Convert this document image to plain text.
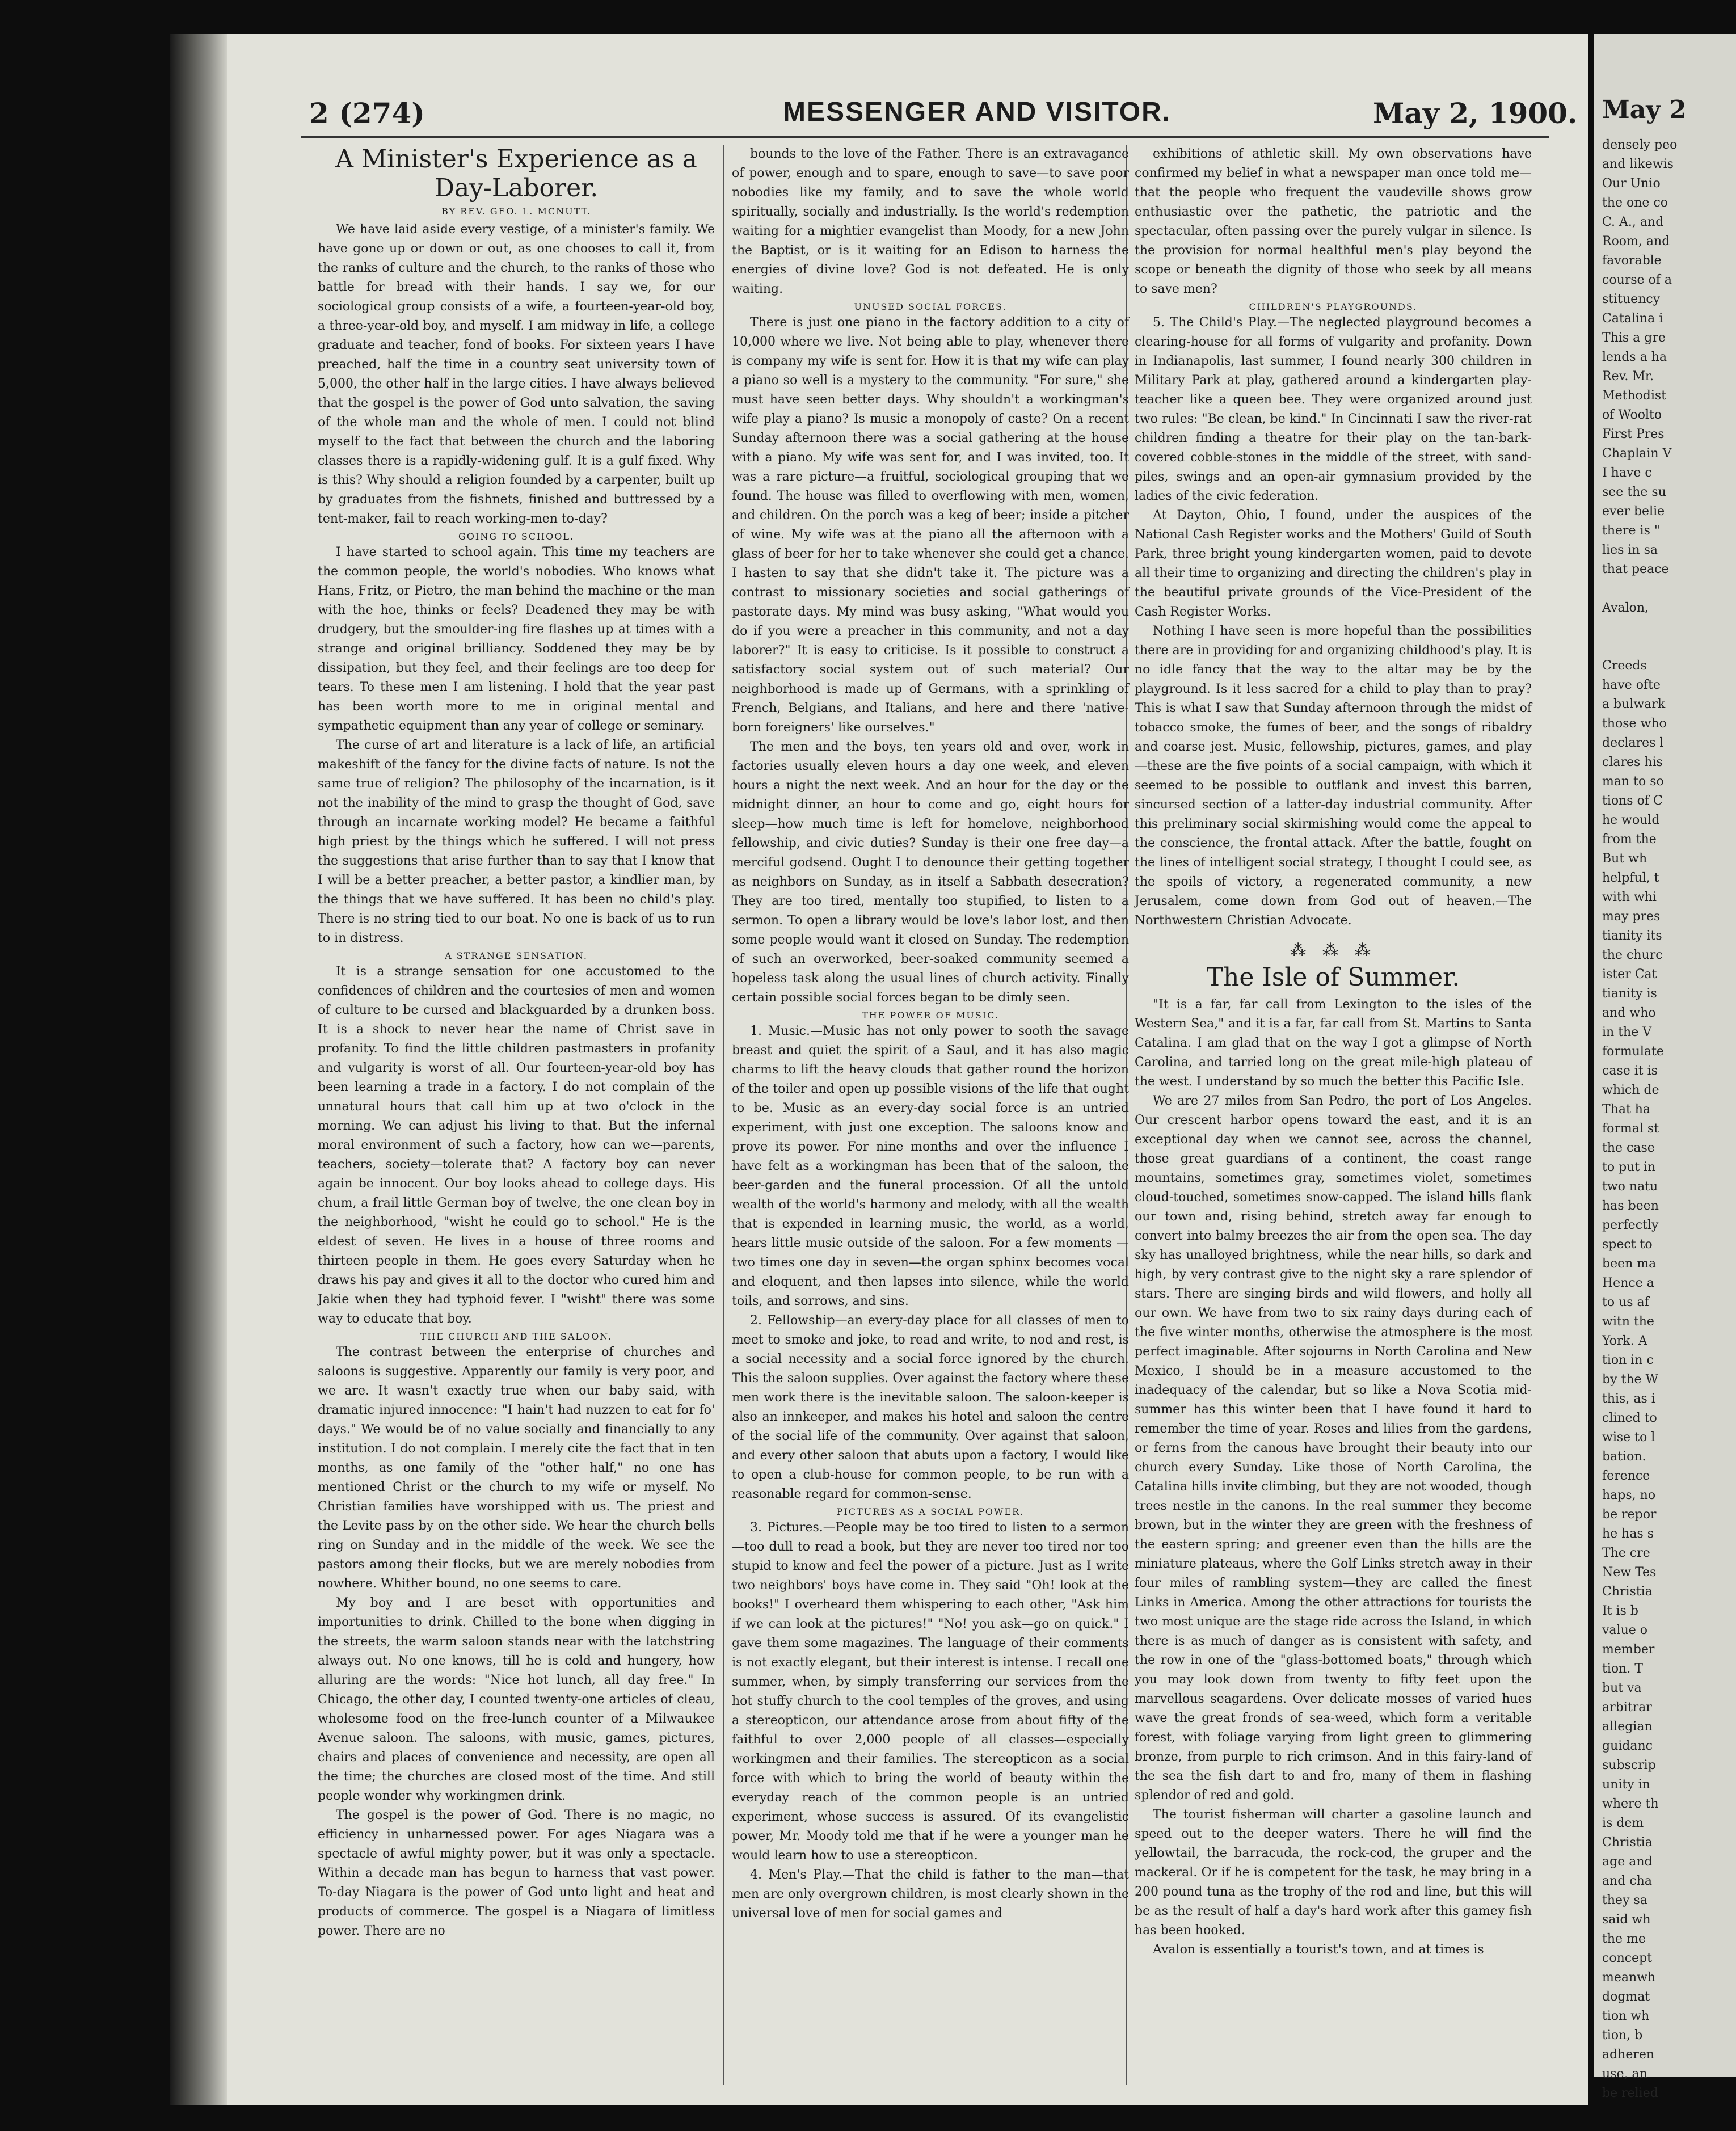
2 (274)	MESSENGER AND VISITOR.	May 2, 1900.
A Minister's Experience as a Day-Laborer.
BY REV. GEO. L. MCNUTT.

We have laid aside every vestige, of a minister's family. We have gone up or down or out, as one chooses to call it, from the ranks of culture and the church, to the ranks of those who battle for bread with their hands. I say we, for our sociological group consists of a wife, a fourteen-year-old boy, a three-year-old boy, and myself. I am midway in life, a college graduate and teacher, fond of books. For sixteen years I have preached, half the time in a country seat university town of 5,000, the other half in the large cities. I have always believed that the gospel is the power of God unto salvation, the saving of the whole man and the whole of men. I could not blind myself to the fact that between the church and the laboring classes there is a rapidly-widening gulf. It is a gulf fixed. Why is this? Why should a religion founded by a carpenter, built up by graduates from the fishnets, finished and buttressed by a tent-maker, fail to reach working-men to-day?

GOING TO SCHOOL.

I have started to school again. This time my teachers are the common people, the world's nobodies. Who knows what Hans, Fritz, or Pietro, the man behind the machine or the man with the hoe, thinks or feels? Deadened they may be with drudgery, but the smoulder-ing fire flashes up at times with a strange and original brilliancy. Soddened they may be by dissipation, but they feel, and their feelings are too deep for tears. To these men I am listening. I hold that the year past has been worth more to me in original mental and sympathetic equipment than any year of college or seminary.

The curse of art and literature is a lack of life, an artificial makeshift of the fancy for the divine facts of nature. Is not the same true of religion? The philosophy of the incarnation, is it not the inability of the mind to grasp the thought of God, save through an incarnate working model? He became a faithful high priest by the things which he suffered. I will not press the suggestions that arise further than to say that I know that I will be a better preacher, a better pastor, a kindlier man, by the things that we have suffered. It has been no child's play. There is no string tied to our boat. No one is back of us to run to in distress.

A STRANGE SENSATION.

It is a strange sensation for one accustomed to the confidences of children and the courtesies of men and women of culture to be cursed and blackguarded by a drunken boss. It is a shock to never hear the name of Christ save in profanity. To find the little children pastmasters in profanity and vulgarity is worst of all. Our fourteen-year-old boy has been learning a trade in a factory. I do not complain of the unnatural hours that call him up at two o'clock in the morning. We can adjust his living to that. But the infernal moral environment of such a factory, how can we—parents, teachers, society—tolerate that? A factory boy can never again be innocent. Our boy looks ahead to college days. His chum, a frail little German boy of twelve, the one clean boy in the neighborhood, "wisht he could go to school." He is the eldest of seven. He lives in a house of three rooms and thirteen people in them. He goes every Saturday when he draws his pay and gives it all to the doctor who cured him and Jakie when they had typhoid fever. I "wisht" there was some way to educate that boy.

THE CHURCH AND THE SALOON.

The contrast between the enterprise of churches and saloons is suggestive. Apparently our family is very poor, and we are. It wasn't exactly true when our baby said, with dramatic injured innocence: "I hain't had nuzzen to eat for fo' days." We would be of no value socially and financially to any institution. I do not complain. I merely cite the fact that in ten months, as one family of the "other half," no one has mentioned Christ or the church to my wife or myself. No Christian families have worshipped with us. The priest and the Levite pass by on the other side. We hear the church bells ring on Sunday and in the middle of the week. We see the pastors among their flocks, but we are merely nobodies from nowhere. Whither bound, no one seems to care.

My boy and I are beset with opportunities and importunities to drink. Chilled to the bone when digging in the streets, the warm saloon stands near with the latchstring always out. No one knows, till he is cold and hungery, how alluring are the words: "Nice hot lunch, all day free." In Chicago, the other day, I counted twenty-one articles of cleau, wholesome food on the free-lunch counter of a Milwaukee Avenue saloon. The saloons, with music, games, pictures, chairs and places of convenience and necessity, are open all the time; the churches are closed most of the time. And still people wonder why workingmen drink.

The gospel is the power of God. There is no magic, no efficiency in unharnessed power. For ages Niagara was a spectacle of awful mighty power, but it was only a spectacle. Within a decade man has begun to harness that vast power. To-day Niagara is the power of God unto light and heat and products of commerce. The gospel is a Niagara of limitless power. There are no

bounds to the love of the Father. There is an extravagance of power, enough and to spare, enough to save—to save poor nobodies like my family, and to save the whole world spiritually, socially and industrially. Is the world's redemption waiting for a mightier evangelist than Moody, for a new John the Baptist, or is it waiting for an Edison to harness the energies of divine love? God is not defeated. He is only waiting.

UNUSED SOCIAL FORCES.

There is just one piano in the factory addition to a city of 10,000 where we live. Not being able to play, whenever there is company my wife is sent for. How it is that my wife can play a piano so well is a mystery to the community. "For sure," she must have seen better days. Why shouldn't a workingman's wife play a piano? Is music a monopoly of caste? On a recent Sunday afternoon there was a social gathering at the house with a piano. My wife was sent for, and I was invited, too. It was a rare picture—a fruitful, sociological grouping that we found. The house was filled to overflowing with men, women, and children. On the porch was a keg of beer; inside a pitcher of wine. My wife was at the piano all the afternoon with a glass of beer for her to take whenever she could get a chance. I hasten to say that she didn't take it. The picture was a contrast to missionary societies and social gatherings of pastorate days. My mind was busy asking, "What would you do if you were a preacher in this community, and not a day laborer?" It is easy to criticise. Is it possible to construct a satisfactory social system out of such material? Our neighborhood is made up of Germans, with a sprinkling of French, Belgians, and Italians, and here and there 'native-born foreigners' like ourselves."

The men and the boys, ten years old and over, work in factories usually eleven hours a day one week, and eleven hours a night the next week. And an hour for the day or the midnight dinner, an hour to come and go, eight hours for sleep—how much time is left for homelove, neighborhood fellowship, and civic duties? Sunday is their one free day—a merciful godsend. Ought I to denounce their getting together as neighbors on Sunday, as in itself a Sabbath desecration? They are too tired, mentally too stupified, to listen to a sermon. To open a library would be love's labor lost, and then some people would want it closed on Sunday. The redemption of such an overworked, beer-soaked community seemed a hopeless task along the usual lines of church activity. Finally certain possible social forces began to be dimly seen.

THE POWER OF MUSIC.

1. Music.—Music has not only power to sooth the savage breast and quiet the spirit of a Saul, and it has also magic charms to lift the heavy clouds that gather round the horizon of the toiler and open up possible visions of the life that ought to be. Music as an every-day social force is an untried experiment, with just one exception. The saloons know and prove its power. For nine months and over the influence I have felt as a workingman has been that of the saloon, the beer-garden and the funeral procession. Of all the untold wealth of the world's harmony and melody, with all the wealth that is expended in learning music, the world, as a world, hears little music outside of the saloon. For a few moments —two times one day in seven—the organ sphinx becomes vocal and eloquent, and then lapses into silence, while the world toils, and sorrows, and sins.

2. Fellowship—an every-day place for all classes of men to meet to smoke and joke, to read and write, to nod and rest, is a social necessity and a social force ignored by the church. This the saloon supplies. Over against the factory where these men work there is the inevitable saloon. The saloon-keeper is also an innkeeper, and makes his hotel and saloon the centre of the social life of the community. Over against that saloon, and every other saloon that abuts upon a factory, I would like to open a club-house for common people, to be run with a reasonable regard for common-sense.

PICTURES AS A SOCIAL POWER.

3. Pictures.—People may be too tired to listen to a sermon—too dull to read a book, but they are never too tired nor too stupid to know and feel the power of a picture. Just as I write two neighbors' boys have come in. They said "Oh! look at the books!" I overheard them whispering to each other, "Ask him if we can look at the pictures!" "No! you ask—go on quick." I gave them some magazines. The language of their comments is not exactly elegant, but their interest is intense. I recall one summer, when, by simply transferring our services from the hot stuffy church to the cool temples of the groves, and using a stereopticon, our attendance arose from about fifty of the faithful to over 2,000 people of all classes—especially workingmen and their families. The stereopticon as a social force with which to bring the world of beauty within the everyday reach of the common people is an untried experiment, whose success is assured. Of its evangelistic power, Mr. Moody told me that if he were a younger man he would learn how to use a stereopticon.

4. Men's Play.—That the child is father to the man—that men are only overgrown children, is most clearly shown in the universal love of men for social games and

exhibitions of athletic skill. My own observations have confirmed my belief in what a newspaper man once told me—that the people who frequent the vaudeville shows grow enthusiastic over the pathetic, the patriotic and the spectacular, often passing over the purely vulgar in silence. Is the provision for normal healthful men's play beyond the scope or beneath the dignity of those who seek by all means to save men?

CHILDREN'S PLAYGROUNDS.

5. The Child's Play.—The neglected playground becomes a clearing-house for all forms of vulgarity and profanity. Down in Indianapolis, last summer, I found nearly 300 children in Military Park at play, gathered around a kindergarten play-teacher like a queen bee. They were organized around just two rules: "Be clean, be kind." In Cincinnati I saw the river-rat children finding a theatre for their play on the tan-bark-covered cobble-stones in the middle of the street, with sand-piles, swings and an open-air gymnasium provided by the ladies of the civic federation.

At Dayton, Ohio, I found, under the auspices of the National Cash Register works and the Mothers' Guild of South Park, three bright young kindergarten women, paid to devote all their time to organizing and directing the children's play in the beautiful private grounds of the Vice-President of the Cash Register Works.

Nothing I have seen is more hopeful than the possibilities there are in providing for and organizing childhood's play. It is no idle fancy that the way to the altar may be by the playground. Is it less sacred for a child to play than to pray? This is what I saw that Sunday afternoon through the midst of tobacco smoke, the fumes of beer, and the songs of ribaldry and coarse jest. Music, fellowship, pictures, games, and play—these are the five points of a social campaign, with which it seemed to be possible to outflank and invest this barren, sincursed section of a latter-day industrial community. After this preliminary social skirmishing would come the appeal to the conscience, the frontal attack. After the battle, fought on the lines of intelligent social strategy, I thought I could see, as the spoils of victory, a regenerated community, a new Jerusalem, come down from God out of heaven.—The Northwestern Christian Advocate.

⁂ ⁂ ⁂
The Isle of Summer.

"It is a far, far call from Lexington to the isles of the Western Sea," and it is a far, far call from St. Martins to Santa Catalina. I am glad that on the way I got a glimpse of North Carolina, and tarried long on the great mile-high plateau of the west. I understand by so much the better this Pacific Isle.

We are 27 miles from San Pedro, the port of Los Angeles. Our crescent harbor opens toward the east, and it is an exceptional day when we cannot see, across the channel, those great guardians of a continent, the coast range mountains, sometimes gray, sometimes violet, sometimes cloud-touched, sometimes snow-capped. The island hills flank our town and, rising behind, stretch away far enough to convert into balmy breezes the air from the open sea. The day sky has unalloyed brightness, while the near hills, so dark and high, by very contrast give to the night sky a rare splendor of stars. There are singing birds and wild flowers, and holly all our own. We have from two to six rainy days during each of the five winter months, otherwise the atmosphere is the most perfect imaginable. After sojourns in North Carolina and New Mexico, I should be in a measure accustomed to the inadequacy of the calendar, but so like a Nova Scotia mid-summer has this winter been that I have found it hard to remember the time of year. Roses and lilies from the gardens, or ferns from the canous have brought their beauty into our church every Sunday. Like those of North Carolina, the Catalina hills invite climbing, but they are not wooded, though trees nestle in the canons. In the real summer they become brown, but in the winter they are green with the freshness of the eastern spring; and greener even than the hills are the miniature plateaus, where the Golf Links stretch away in their four miles of rambling system—they are called the finest Links in America. Among the other attractions for tourists the two most unique are the stage ride across the Island, in which there is as much of danger as is consistent with safety, and the row in one of the "glass-bottomed boats," through which you may look down from twenty to fifty feet upon the marvellous seagardens. Over delicate mosses of varied hues wave the great fronds of sea-weed, which form a veritable forest, with foliage varying from light green to glimmering bronze, from purple to rich crimson. And in this fairy-land of the sea the fish dart to and fro, many of them in flashing splendor of red and gold.

The tourist fisherman will charter a gasoline launch and speed out to the deeper waters. There he will find the yellowtail, the barracuda, the rock-cod, the gruper and the mackeral. Or if he is competent for the task, he may bring in a 200 pound tuna as the trophy of the rod and line, but this will be as the result of half a day's hard work after this gamey fish has been hooked.

Avalon is essentially a tourist's town, and at times is

May 2
densely peo
and likewis
Our Unio
the one co
C. A., and
Room, and
favorable
course of a
stituency
Catalina i
This a gre
lends a ha
Rev. Mr.
Methodist
of Woolto
First Pres
Chaplain V
I have c
see the su
ever belie
there is "
lies in sa
that peace

Avalon,

Creeds
have ofte
a bulwark
those who
declares l
clares his
man to so
tions of C
he would
from the
But wh
helpful, t
with whi
may pres
tianity its
the churc
ister Cat
tianity is
and who
in the V
formulate
case it is
which de
That ha
formal st
the case
to put in
two natu
has been
perfectly
spect to
been ma
Hence a
to us af
witn the
York. A
tion in c
by the W
this, as i
clined to
wise to l
bation.
ference
haps, no
be repor
he has s
The cre
New Tes
Christia
It is b
value o
member
tion. T
but va
arbitrar
allegian
guidanc
subscrip
unity in
where th
is dem
Christia
age and
and cha
they sa
said wh
the me
concept
meanwh
dogmat
tion wh
tion, b
adheren
use, an
be relied
